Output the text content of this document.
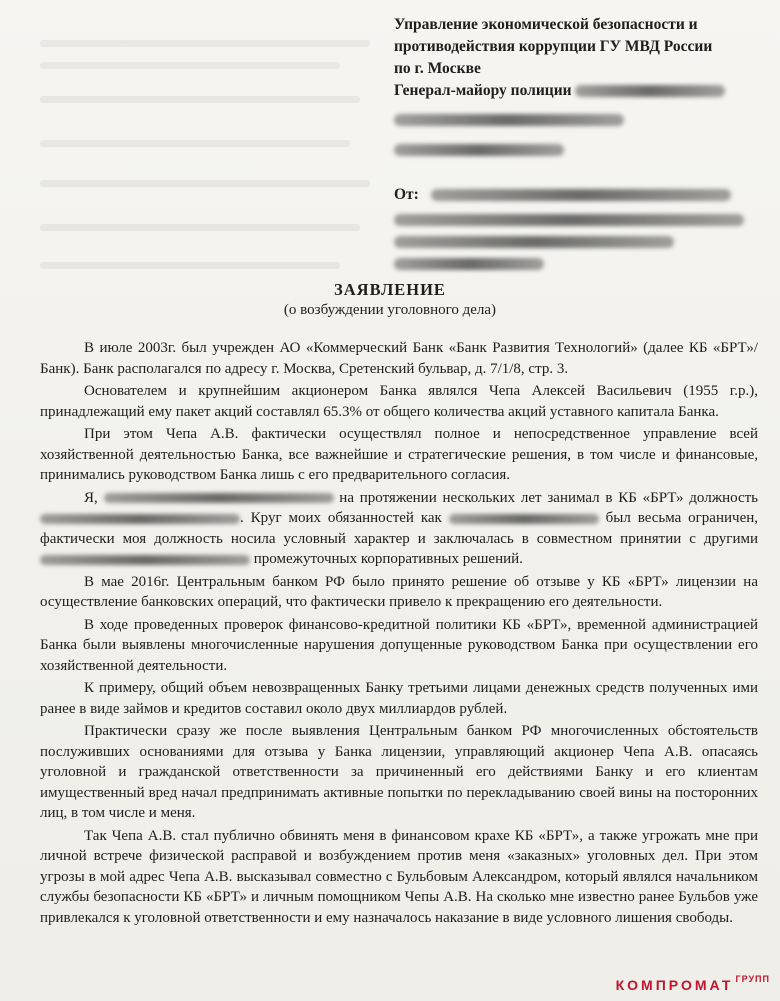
Управление экономической безопасности и
противодействия коррупции ГУ МВД России
по г. Москве
Генерал-майору полиции
От:
ЗАЯВЛЕНИЕ
(о возбуждении уголовного дела)

В июле 2003г. был учрежден АО «Коммерческий Банк «Банк Развития Технологий» (далее КБ «БРТ»/Банк). Банк располагался по адресу г. Москва, Сретенский бульвар, д. 7/1/8, стр. 3.

Основателем и крупнейшим акционером Банка являлся Чепа Алексей Васильевич (1955 г.р.), принадлежащий ему пакет акций составлял 65.3% от общего количества акций уставного капитала Банка.

При этом Чепа А.В. фактически осуществлял полное и непосредственное управление всей хозяйственной деятельностью Банка, все важнейшие и стратегические решения, в том числе и финансовые, принимались руководством Банка лишь с его предварительного согласия.

Я,	на протяжении нескольких лет занимал в КБ «БРТ» должность . Круг моих обязанностей как	был весьма ограничен, фактически моя должность носила условный характер и заключалась в совместном принятии с другими  промежуточных корпоративных решений.

В мае 2016г. Центральным банком РФ было принято решение об отзыве у КБ «БРТ» лицензии на осуществление банковских операций, что фактически привело к прекращению его деятельности.

В ходе проведенных проверок финансово-кредитной политики КБ «БРТ», временной администрацией Банка были выявлены многочисленные нарушения допущенные руководством Банка при осуществлении его хозяйственной деятельности.

К примеру, общий объем невозвращенных Банку третьими лицами денежных средств полученных ими ранее в виде займов и кредитов составил около двух миллиардов рублей.

Практически сразу же после выявления Центральным банком РФ многочисленных обстоятельств послуживших основаниями для отзыва у Банка лицензии, управляющий акционер Чепа А.В. опасаясь уголовной и гражданской ответственности за причиненный его действиями Банку и его клиентам имущественный вред начал предпринимать активные попытки по перекладыванию своей вины на посторонних лиц, в том числе и меня.

Так Чепа А.В. стал публично обвинять меня в финансовом крахе КБ «БРТ», а также угрожать мне при личной встрече физической расправой и возбуждением против меня «заказных» уголовных дел. При этом угрозы в мой адрес Чепа А.В. высказывал совместно с Бульбовым Александром, который являлся начальником службы безопасности КБ «БРТ» и личным помощником Чепы А.В. На сколько мне известно ранее Бульбов уже привлекался к уголовной ответственности и ему назначалось наказание в виде условного лишения свободы.

КОМПРОМАТ $^{ГРУПП}$
